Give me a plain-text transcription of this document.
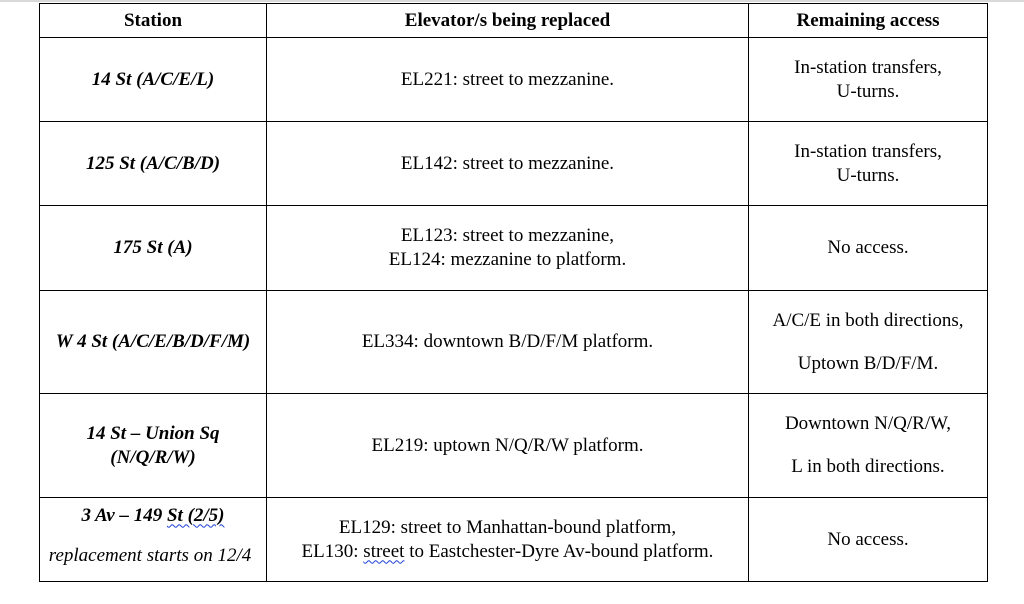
Station	Elevator/s being replaced	Remaining access
14 St (A/C/E/L)	EL221: street to mezzanine.	In-station transfers,
U-turns.

125 St (A/C/B/D)	EL142: street to mezzanine.	In-station transfers,
U-turns.

175 St (A)	EL123: street to mezzanine,
EL124: mezzanine to platform.	No access.

W 4 St (A/C/E/B/D/F/M)	EL334: downtown B/D/F/M platform.	A/C/E in both directions,
Uptown B/D/F/M.

14 St – Union Sq
(N/Q/R/W)	EL219: uptown N/Q/R/W platform.	Downtown N/Q/R/W,
L in both directions.

3 Av – 149 St (2/5)
replacement starts on 12/4	EL129: street to Manhattan-bound platform,
EL130: street to Eastchester-Dyre Av-bound platform.	No access.
